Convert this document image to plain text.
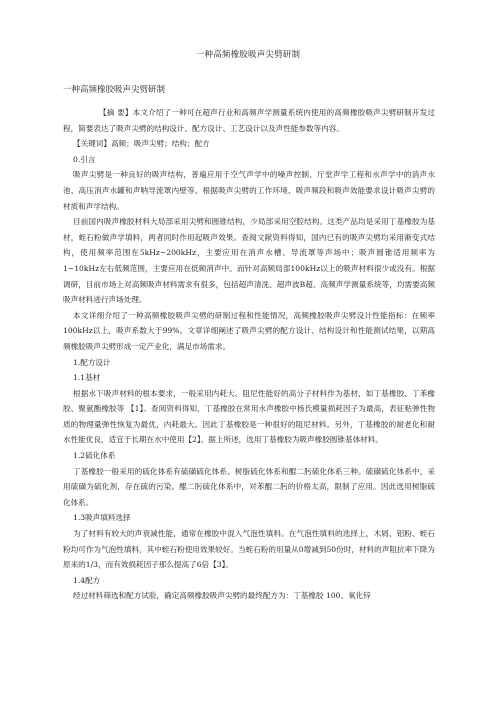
一种高频橡胶吸声尖劈研制
一种高频橡胶吸声尖劈研制

【摘 要】本文介绍了一种可在超声行业和高频声学测量系统内使用的高频橡胶吸声尖劈研制开发过程，简要表达了吸声尖劈的结构设计、配方设计、工艺设计以及声性能参数等内容。

【关键词】高频；吸声尖劈；结构；配方

0.引言

吸声尖劈是一种良好的吸声结构，普遍应用于空气声学中的噪声控制、厅堂声学工程和水声学中的消声水池、高压消声水罐和声呐导流罩内壁等。根据吸声尖劈的工作环境、吸声频段和吸声效能要求设计吸声尖劈的材质和声学结构。

目前国内吸声橡胶材料大局部采用尖劈和圆锥结构，少局部采用空腔结构。这类产品均是采用丁基橡胶为基材，蛭石粉做声学填料，两者同时作用起吸声效果。查阅文献资料得知，国内已有的吸声尖劈均采用渐变式结构，使用频率范围在5kHz~200kHz，主要应用在消声水槽、导流罩等声场中；吸声圆锥适用频率为1~10kHz左右低频范围，主要应用在低频消声中。而针对高频局部100kHz以上的吸声材料很少或没有。根据调研，目前市场上对高频吸声材料需求有很多，包括超声清洗、超声波B超、高频声学测量系统等，均需要高频吸声材料进行声场处理。

本文详细介绍了一种高频橡胶吸声尖劈的研制过程和性能情况，高频橡胶吸声尖劈设计性能指标：在频率100kHz以上，吸声系数大于99%。文章详细阐述了吸声尖劈的配方设计、结构设计和性能测试结果，以期高频橡胶吸声尖劈形成一定产业化，满足市场需求。

1.配方设计

1.1基材

根据水下吸声材料的根本要求，一般采用内耗大、阻尼性能好的高分子材料作为基材，如丁基橡胶、丁苯橡胶、聚氨酯橡胶等 【1】。查阅资料得知，丁基橡胶在常用水声橡胶中杨氏模量损耗因子为最高，表征粘弹性物质的物理量弹性恢复为最优，内耗最大。因此丁基橡胶是一种很好的阻尼材料。另外，丁基橡胶的耐老化和耐水性能优良，适宜于长期在水中使用【2】。据上所述，选用丁基橡胶为吸声橡胶圆锥基体材料。

1.2硫化体系

丁基橡胶一般采用的硫化体系有硫磺硫化体系、树脂硫化体系和醌二肟硫化体系三种。硫磺硫化体系中，采用硫磺为硫化剂，存在硫的污染。醌二肟硫化体系中，对苯醌二肟的价格太高，限制了应用。因此选用树脂硫化体系。

1.3吸声填料选择

为了材料有较大的声衰减性能，通常在橡胶中混入气泡性填料。在气泡性填料的选择上，木屑、铝粉、蛭石粉均可作为气泡性填料，其中蛭石粉使用效果较好。当蛭石粉的用量从0增减到50份时，材料的声阻抗率下降为原来的1/3，而有效损耗因子那么提高了6倍【3】。

1.4配方

经过材料筛选和配方试验，确定高频橡胶吸声尖劈的最终配方为：丁基橡胶 100、氧化锌
